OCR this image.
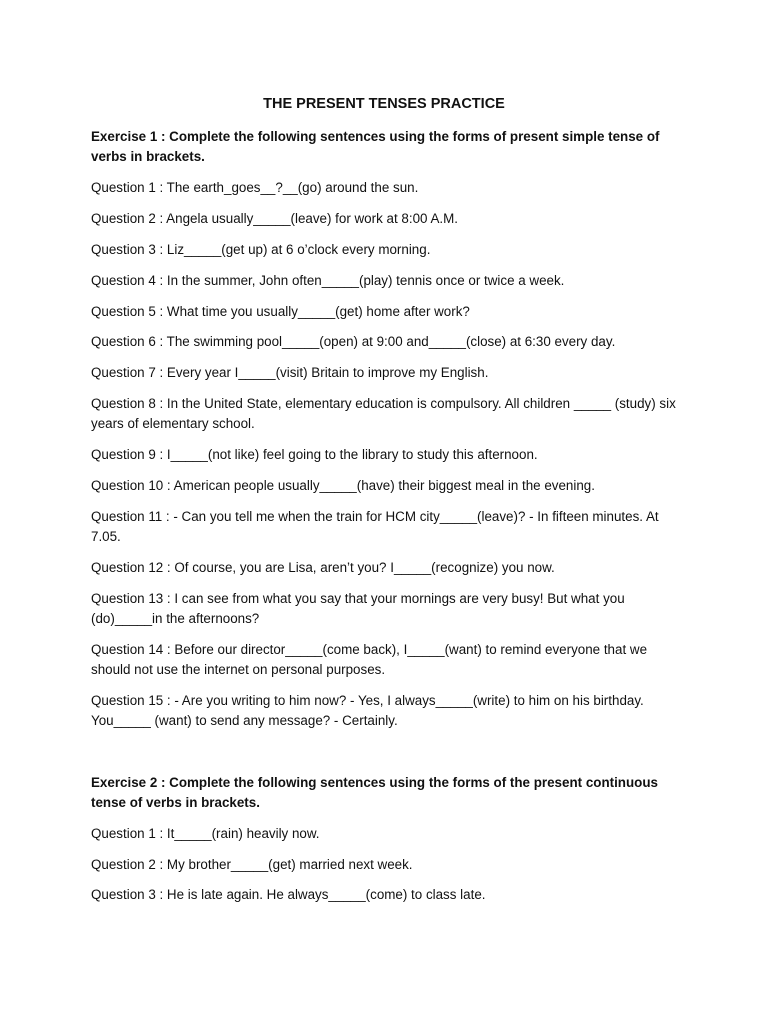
THE PRESENT TENSES PRACTICE
Exercise 1 : Complete the following sentences using the forms of present simple tense of verbs in brackets.
Question 1 : The earth_goes__?__(go) around the sun.
Question 2 : Angela usually_____(leave) for work at 8:00 A.M.
Question 3 : Liz_____(get up) at 6 o’clock every morning.
Question 4 : In the summer, John often_____(play) tennis once or twice a week.
Question 5 : What time you usually_____(get) home after work?
Question 6 : The swimming pool_____(open) at 9:00 and_____(close) at 6:30 every day.
Question 7 : Every year I_____(visit) Britain to improve my English.
Question 8 : In the United State, elementary education is compulsory. All children _____ (study) six years of elementary school.
Question 9 : I_____(not like) feel going to the library to study this afternoon.
Question 10 : American people usually_____(have) their biggest meal in the evening.
Question 11 : - Can you tell me when the train for HCM city_____(leave)? - In fifteen minutes. At 7.05.
Question 12 : Of course, you are Lisa, aren’t you? I_____(recognize) you now.
Question 13 : I can see from what you say that your mornings are very busy! But what you (do)_____in the afternoons?
Question 14 : Before our director_____(come back), I_____(want) to remind everyone that we should not use the internet on personal purposes.
Question 15 : - Are you writing to him now? - Yes, I always_____(write) to him on his birthday. You_____ (want) to send any message? - Certainly.
Exercise 2 : Complete the following sentences using the forms of the present continuous tense of verbs in brackets.
Question 1 : It_____(rain) heavily now.
Question 2 : My brother_____(get) married next week.
Question 3 : He is late again. He always_____(come) to class late.
